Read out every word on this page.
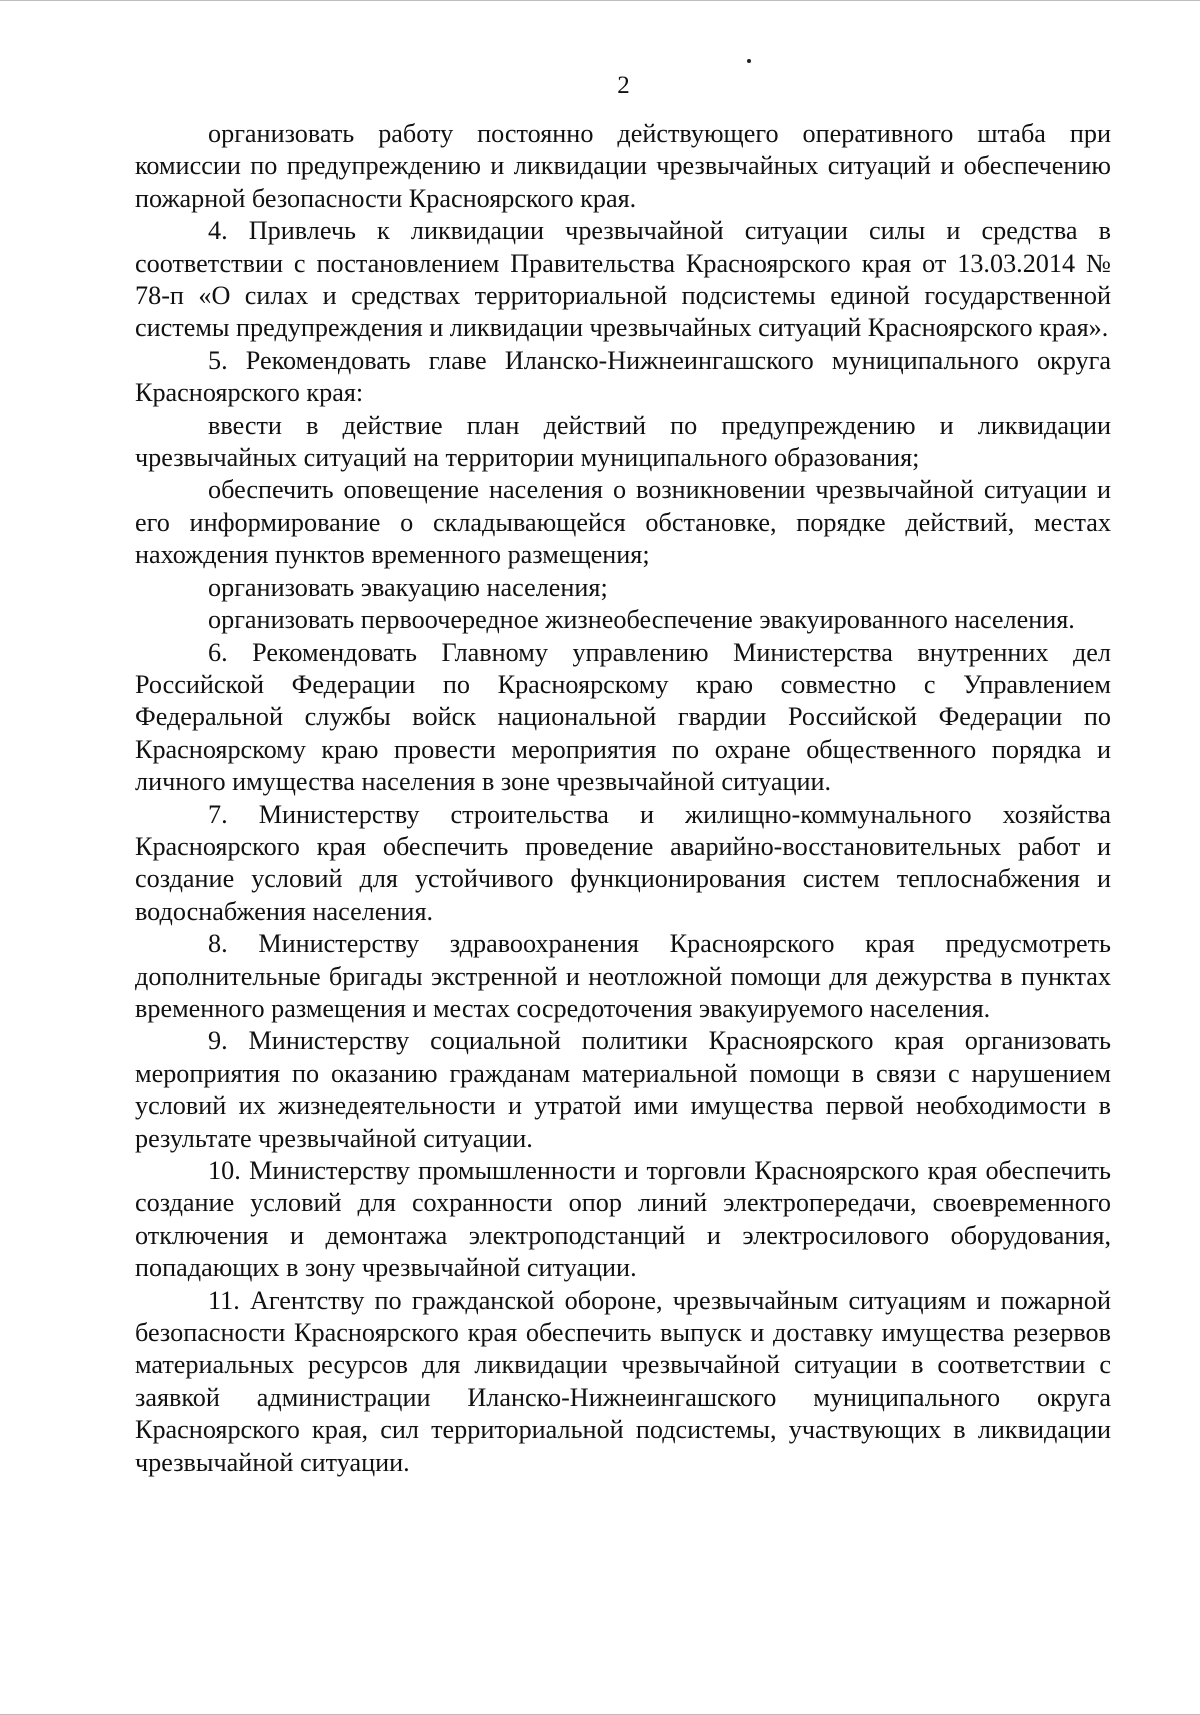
2

организовать работу постоянно действующего оперативного штаба при комиссии по предупреждению и ликвидации чрезвычайных ситуаций и обеспечению пожарной безопасности Красноярского края.

4. Привлечь к ликвидации чрезвычайной ситуации силы и средства в соответствии с постановлением Правительства Красноярского края от 13.03.2014 № 78-п «О силах и средствах территориальной подсистемы единой государственной системы предупреждения и ликвидации чрезвычайных ситуаций Красноярского края».

5. Рекомендовать главе Иланско-Нижнеингашского муниципального округа Красноярского края:

ввести в действие план действий по предупреждению и ликвидации чрезвычайных ситуаций на территории муниципального образования;

обеспечить оповещение населения о возникновении чрезвычайной ситуации и его информирование о складывающейся обстановке, порядке действий, местах нахождения пунктов временного размещения;

организовать эвакуацию населения;

организовать первоочередное жизнеобеспечение эвакуированного населения.

6. Рекомендовать Главному управлению Министерства внутренних дел Российской Федерации по Красноярскому краю совместно с Управлением Федеральной службы войск национальной гвардии Российской Федерации по Красноярскому краю провести мероприятия по охране общественного порядка и личного имущества населения в зоне чрезвычайной ситуации.

7. Министерству строительства и жилищно-коммунального хозяйства Красноярского края обеспечить проведение аварийно-восстановительных работ и создание условий для устойчивого функционирования систем теплоснабжения и водоснабжения населения.

8. Министерству здравоохранения Красноярского края предусмотреть дополнительные бригады экстренной и неотложной помощи для дежурства в пунктах временного размещения и местах сосредоточения эвакуируемого населения.

9. Министерству социальной политики Красноярского края организовать мероприятия по оказанию гражданам материальной помощи в связи с нарушением условий их жизнедеятельности и утратой ими имущества первой необходимости в результате чрезвычайной ситуации.

10. Министерству промышленности и торговли Красноярского края обеспечить создание условий для сохранности опор линий электропередачи, своевременного отключения и демонтажа электроподстанций и электросилового оборудования, попадающих в зону чрезвычайной ситуации.

11. Агентству по гражданской обороне, чрезвычайным ситуациям и пожарной безопасности Красноярского края обеспечить выпуск и доставку имущества резервов материальных ресурсов для ликвидации чрезвычайной ситуации в соответствии с заявкой администрации Иланско-Нижнеингашского муниципального округа Красноярского края, сил территориальной подсистемы, участвующих в ликвидации чрезвычайной ситуации.
